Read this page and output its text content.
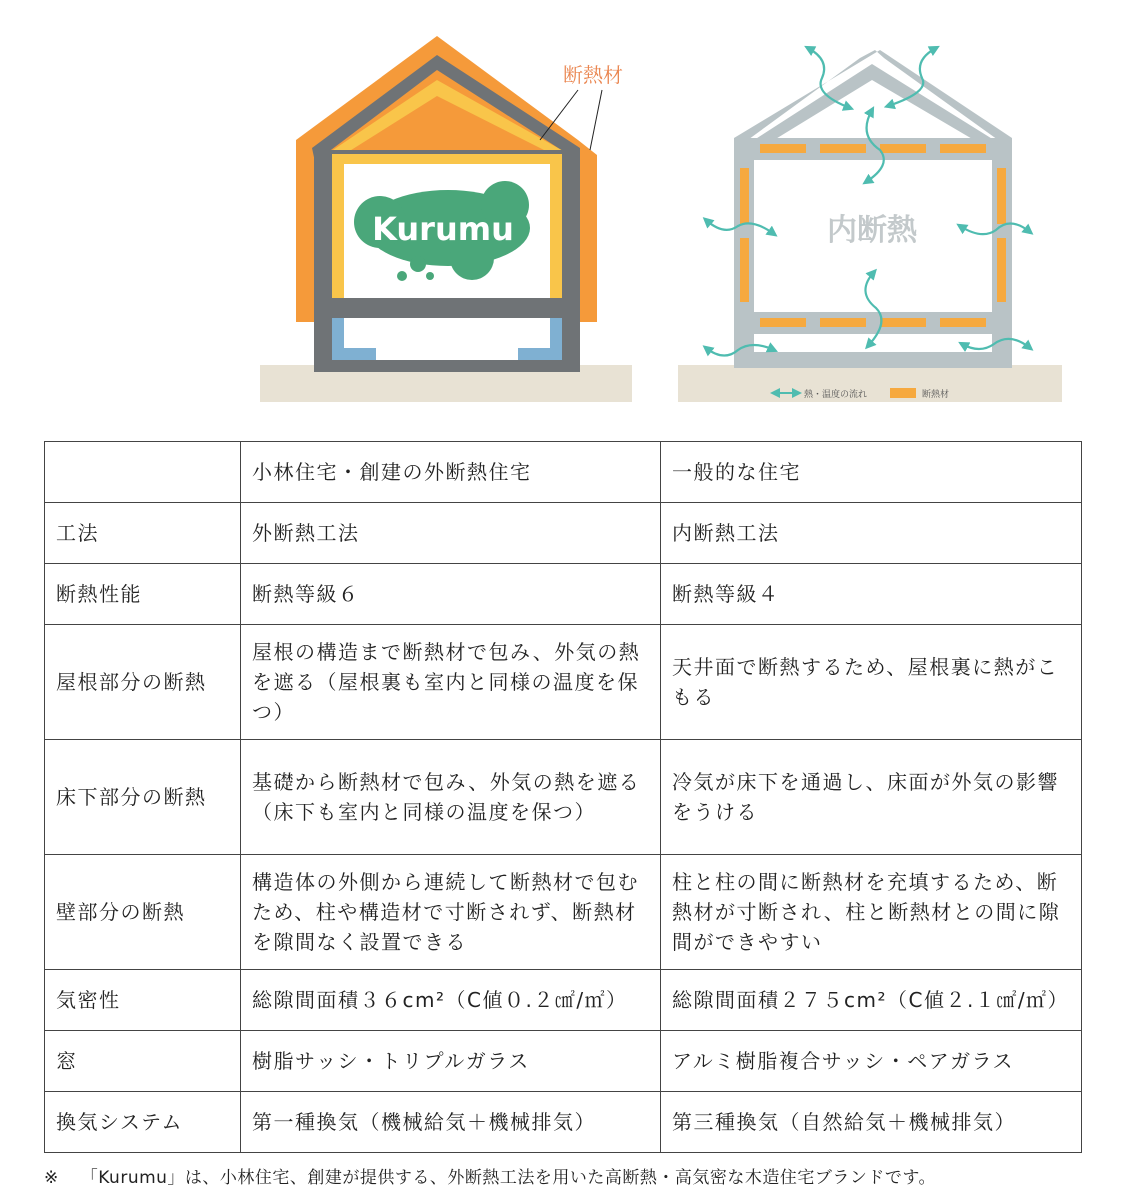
Kurumu
断熱材
内断熱
熱・温度の流れ	断熱材
	小林住宅・創建の外断熱住宅	一般的な住宅
工法	外断熱工法	内断熱工法
断熱性能	断熱等級６	断熱等級４
屋根部分の断熱	屋根の構造まで断熱材で包み、外気の熱を遮る（屋根裏も室内と同様の温度を保つ）	天井面で断熱するため、屋根裏に熱がこもる
床下部分の断熱	基礎から断熱材で包み、外気の熱を遮る（床下も室内と同様の温度を保つ）	冷気が床下を通過し、床面が外気の影響をうける
壁部分の断熱	構造体の外側から連続して断熱材で包むため、柱や構造材で寸断されず、断熱材を隙間なく設置できる	柱と柱の間に断熱材を充填するため、断熱材が寸断され、柱と断熱材との間に隙間ができやすい
気密性	総隙間面積３６cm²（C値０.２㎠/㎡）	総隙間面積２７５cm²（C値２.１㎠/㎡）
窓	樹脂サッシ・トリプルガラス	アルミ樹脂複合サッシ・ペアガラス
換気システム	第一種換気（機械給気＋機械排気）	第三種換気（自然給気＋機械排気）
※ 「Kurumu」は、小林住宅、創建が提供する、外断熱工法を用いた高断熱・高気密な木造住宅ブランドです。
